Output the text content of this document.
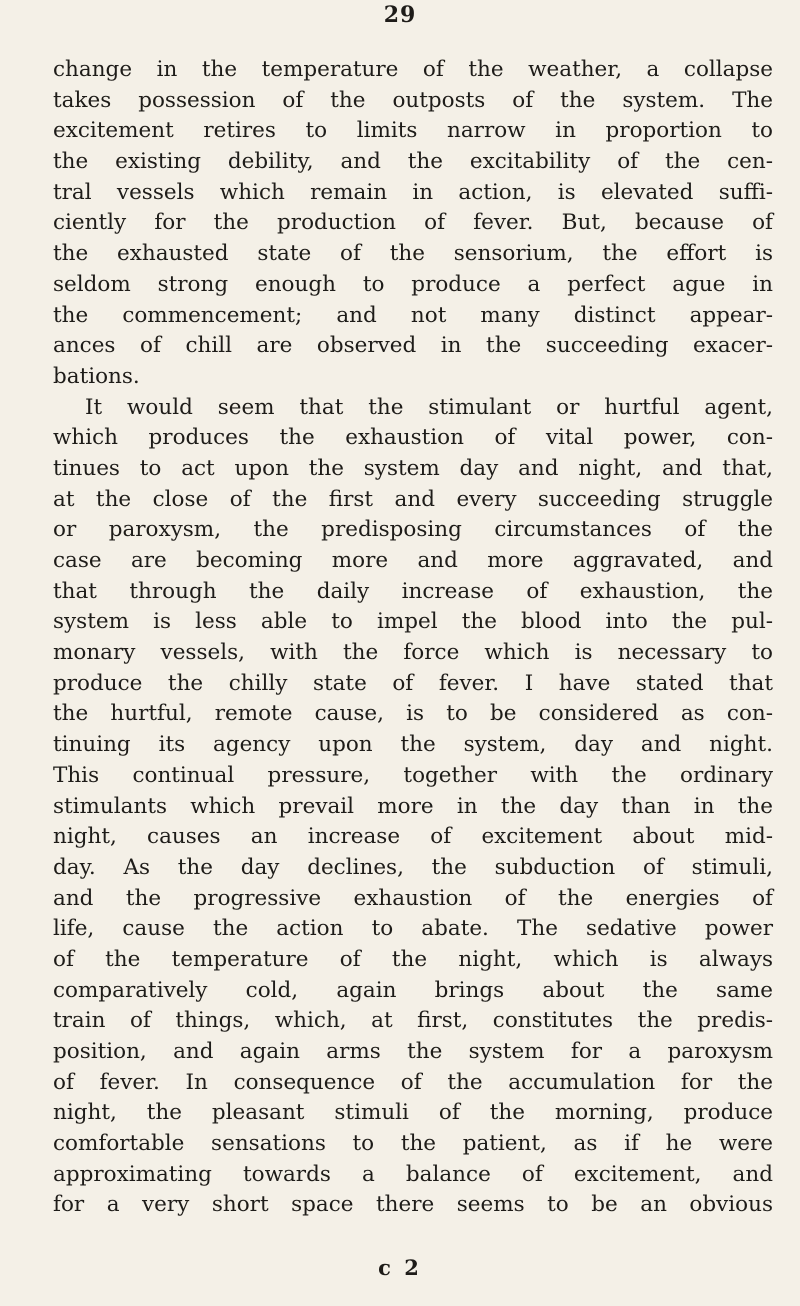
29
change in the temperature of the weather, a collapse
takes possession of the outposts of the system. The
excitement retires to limits narrow in proportion to
the existing debility, and the excitability of the cen-
tral vessels which remain in action, is elevated suffi-
ciently for the production of fever. But, because of
the exhausted state of the sensorium, the effort is
seldom strong enough to produce a perfect ague in
the commencement; and not many distinct appear-
ances of chill are observed in the succeeding exacer-
bations.
It would seem that the stimulant or hurtful agent,
which produces the exhaustion of vital power, con-
tinues to act upon the system day and night, and that,
at the close of the first and every succeeding struggle
or paroxysm, the predisposing circumstances of the
case are becoming more and more aggravated, and
that through the daily increase of exhaustion, the
system is less able to impel the blood into the pul-
monary vessels, with the force which is necessary to
produce the chilly state of fever. I have stated that
the hurtful, remote cause, is to be considered as con-
tinuing its agency upon the system, day and night.
This continual pressure, together with the ordinary
stimulants which prevail more in the day than in the
night, causes an increase of excitement about mid-
day. As the day declines, the subduction of stimuli,
and the progressive exhaustion of the energies of
life, cause the action to abate. The sedative power
of the temperature of the night, which is always
comparatively cold, again brings about the same
train of things, which, at first, constitutes the predis-
position, and again arms the system for a paroxysm
of fever. In consequence of the accumulation for the
night, the pleasant stimuli of the morning, produce
comfortable sensations to the patient, as if he were
approximating towards a balance of excitement, and
for a very short space there seems to be an obvious
c 2
